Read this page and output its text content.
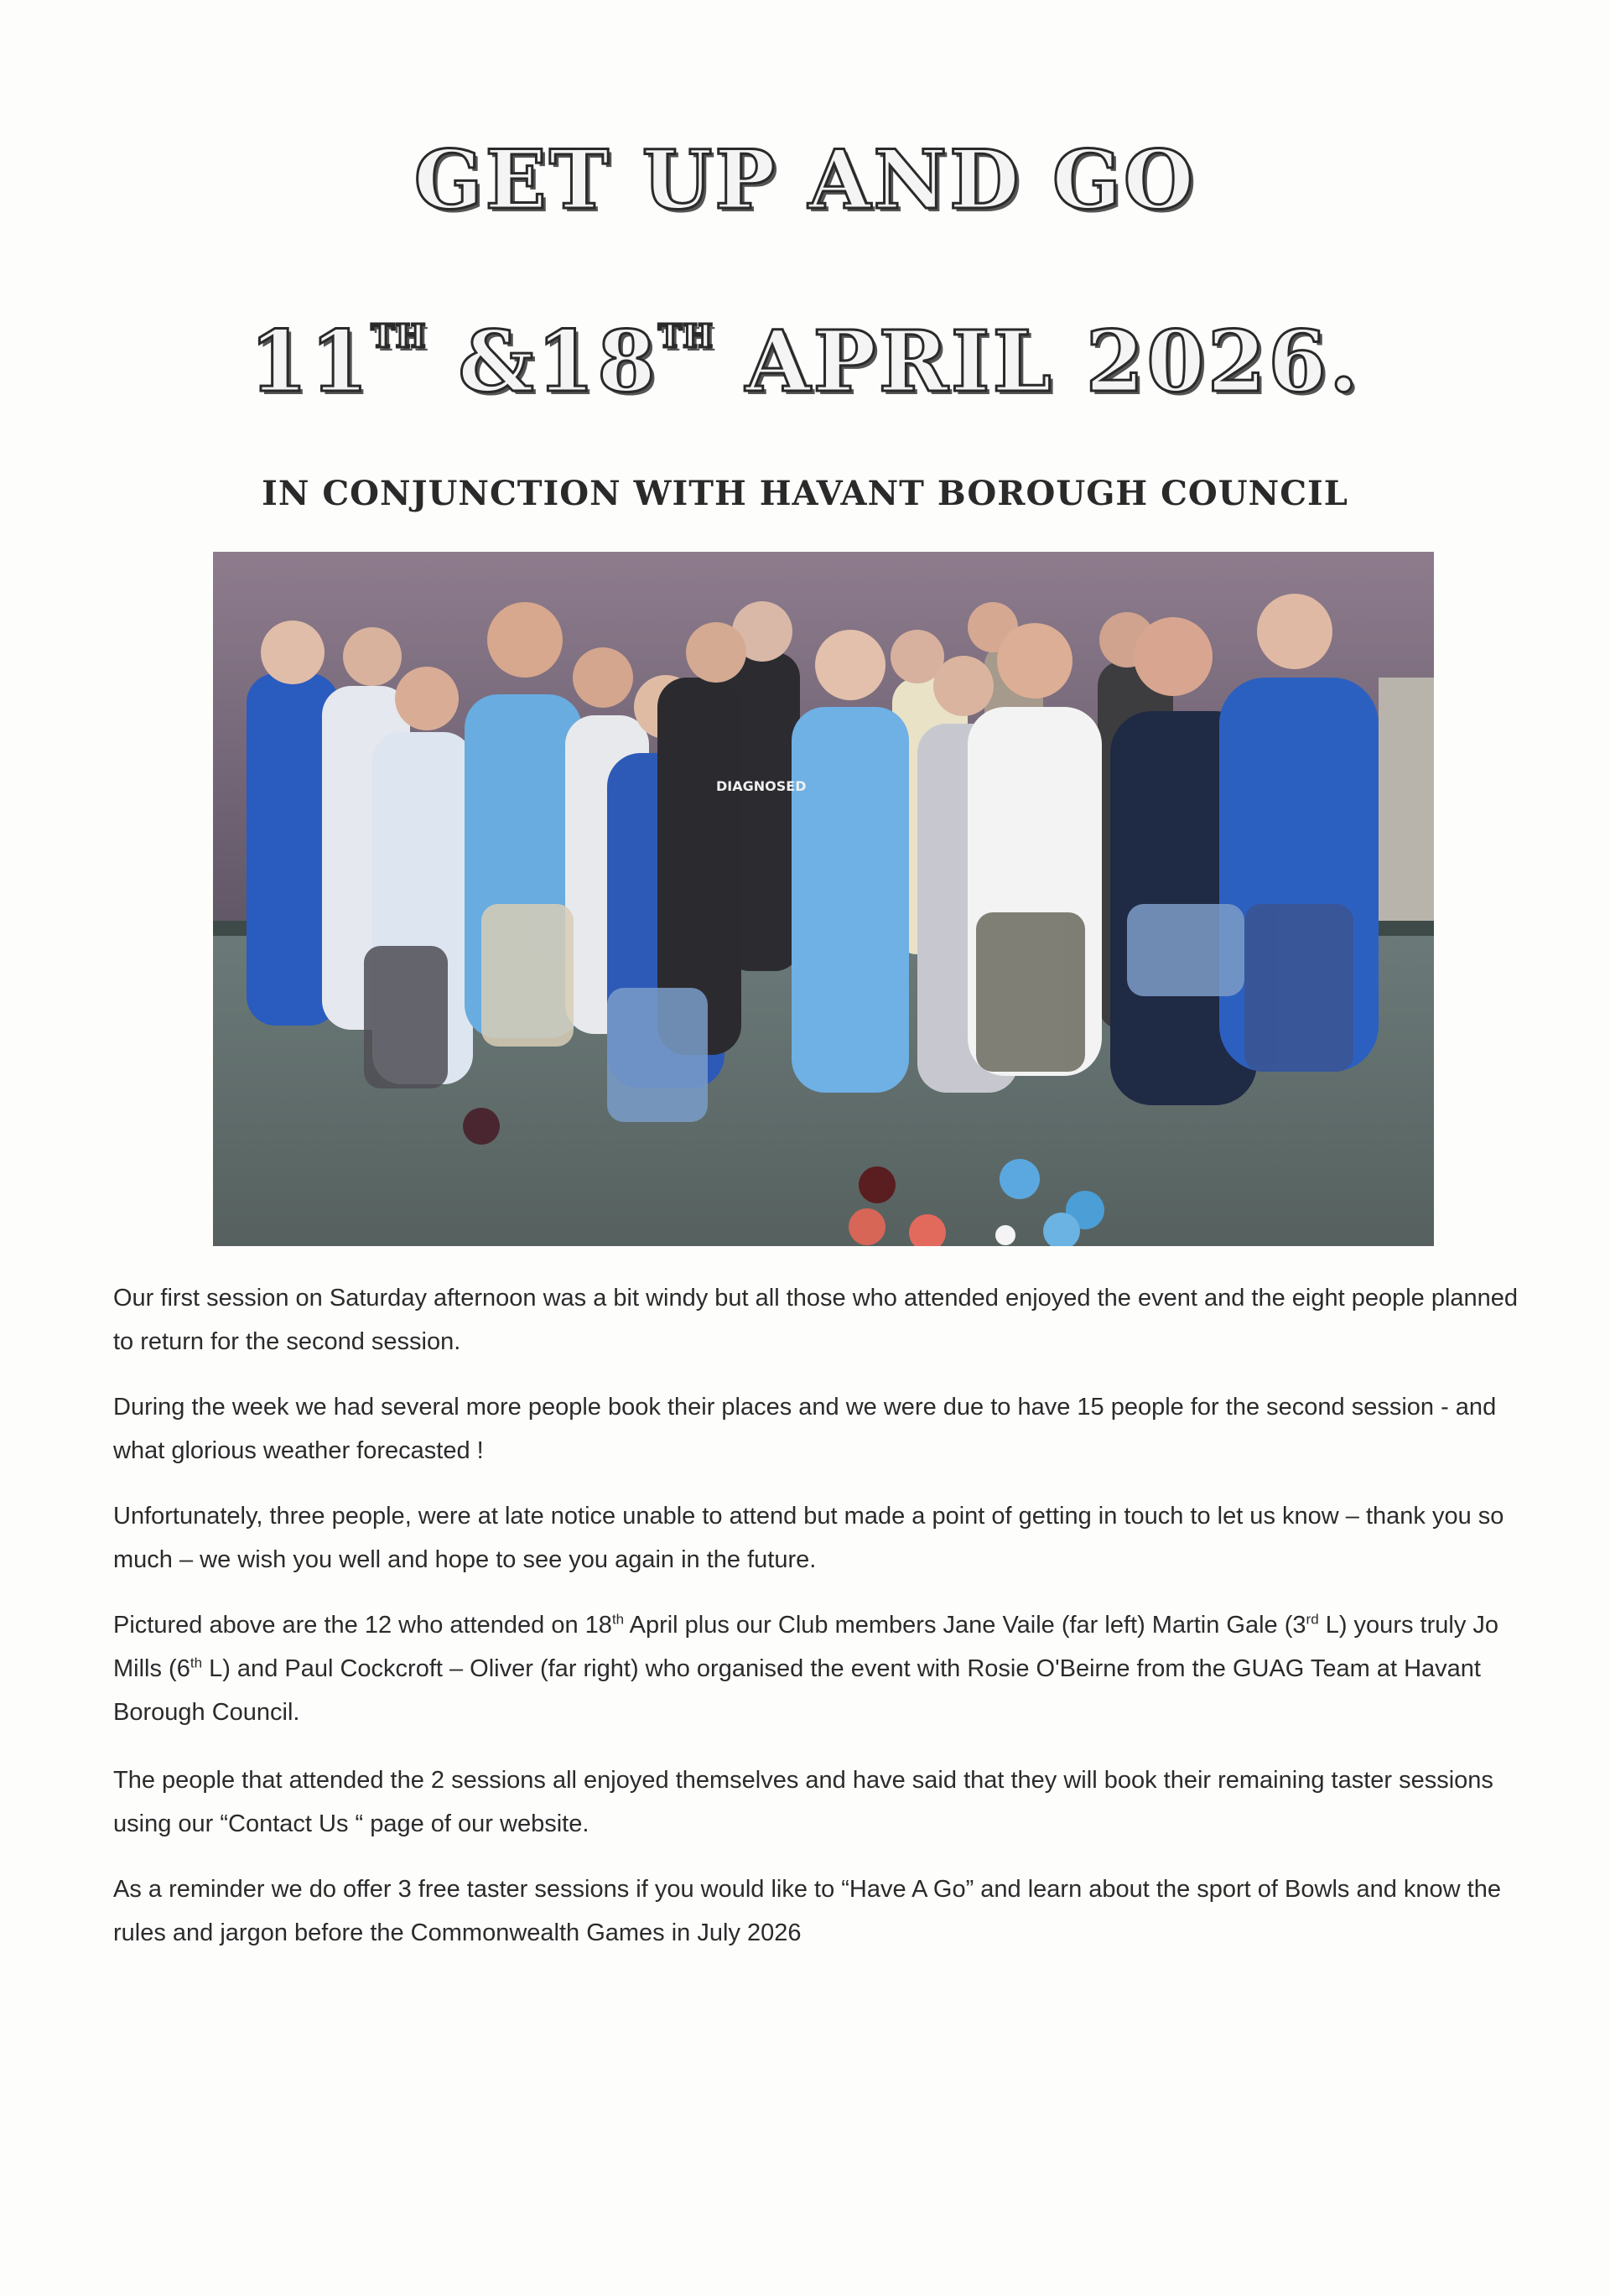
GET UP AND GO
11TH &18TH APRIL 2026.
IN CONJUNCTION WITH HAVANT BOROUGH COUNCIL
DIAGNOSED

Our first session on Saturday afternoon was a bit windy but all those who attended enjoyed the event and the eight people planned to return for the second session.

During the week we had several more people book their places and we were due to have 15 people for the second session - and what glorious weather forecasted !

Unfortunately, three people, were at late notice unable to attend but made a point of getting in touch to let us know – thank you so much – we wish you well and hope to see you again in the future.

Pictured above are the 12 who attended on 18th April plus our Club members Jane Vaile (far left) Martin Gale (3rd L) yours truly Jo Mills (6th L) and Paul Cockcroft – Oliver (far right) who organised the event with Rosie O'Beirne from the GUAG Team at Havant Borough Council.

The people that attended the 2 sessions all enjoyed themselves and have said that they will book their remaining taster sessions using our “Contact Us “ page of our website.

As a reminder we do offer 3 free taster sessions if you would like to “Have A Go” and learn about the sport of Bowls and know the rules and jargon before the Commonwealth Games in July 2026
